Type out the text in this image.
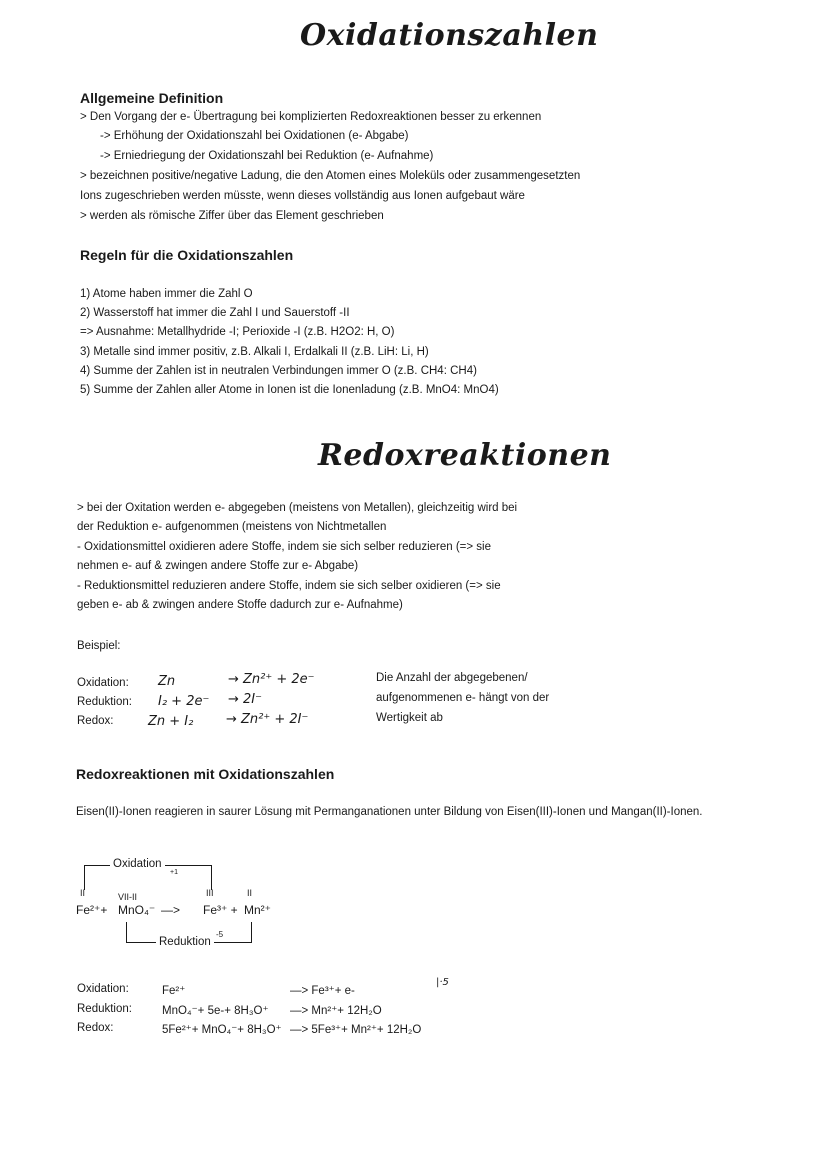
Oxidationszahlen
Allgemeine Definition
> Den Vorgang der e- Übertragung bei komplizierten Redoxreaktionen besser zu erkennen
-> Erhöhung der Oxidationszahl bei Oxidationen (e- Abgabe)
-> Erniedriegung der Oxidationszahl bei Reduktion (e- Aufnahme)
> bezeichnen positive/negative Ladung, die den Atomen eines Moleküls oder zusammengesetzten
Ions zugeschrieben werden müsste, wenn dieses vollständig aus Ionen aufgebaut wäre
> werden als römische Ziffer über das Element geschrieben
Regeln für die Oxidationszahlen
1) Atome haben immer die Zahl O
2) Wasserstoff hat immer die Zahl I und Sauerstoff -II
=> Ausnahme: Metallhydride -I; Perioxide -I (z.B. H2O2: H, O)
3) Metalle sind immer positiv, z.B. Alkali I, Erdalkali II (z.B. LiH: Li, H)
4) Summe der Zahlen ist in neutralen Verbindungen immer O (z.B. CH4: CH4)
5) Summe der Zahlen aller Atome in Ionen ist die Ionenladung (z.B. MnO4: MnO4)
Redoxreaktionen
> bei der Oxitation werden e- abgegeben (meistens von Metallen), gleichzeitig wird bei
der Reduktion e- aufgenommen (meistens von Nichtmetallen
- Oxidationsmittel oxidieren adere Stoffe, indem sie sich selber reduzieren (=> sie
nehmen e- auf & zwingen andere Stoffe zur e- Abgabe)
- Reduktionsmittel reduzieren andere Stoffe, indem sie sich selber oxidieren (=> sie
geben e- ab & zwingen andere Stoffe dadurch zur e- Aufnahme)
Beispiel:
Oxidation: Zn	→ Zn²⁺ + 2e⁻
Reduktion: I₂ + 2e⁻ → 2I⁻
Redox:	Zn + I₂	→ Zn²⁺ + 2I⁻
Die Anzahl der abgegebenen/
aufgenommenen e- hängt von der
Wertigkeit ab
Redoxreaktionen mit Oxidationszahlen
Eisen(II)-Ionen reagieren in saurer Lösung mit Permanganationen unter Bildung von Eisen(III)-Ionen und Mangan(II)-Ionen.
Oxidation
+1
II	VII-II	III	II
Fe²⁺+ MnO₄⁻ —> Fe³⁺ + Mn²⁺
Reduktion
-5
Oxidation:	Fe²⁺	—> Fe³⁺+ e-
Reduktion:	MnO₄⁻+ 5e-+ 8H₃O⁺ —> Mn²⁺+ 12H₂O
Redox:	5Fe²⁺+ MnO₄⁻+ 8H₃O⁺ —> 5Fe³⁺+ Mn²⁺+ 12H₂O
|·5
